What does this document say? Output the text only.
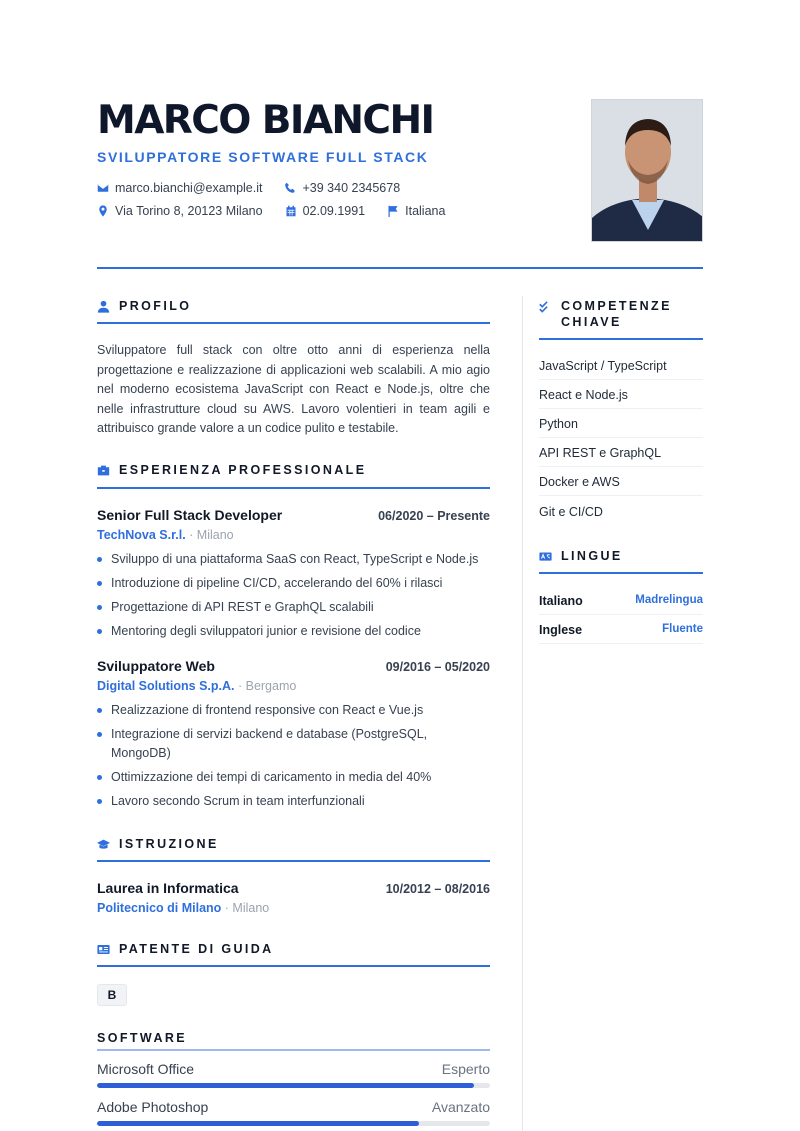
MARCO BIANCHI
SVILUPPATORE SOFTWARE FULL STACK
marco.bianchi@example.it	+39 340 2345678
Via Torino 8, 20123 Milano	02.09.1991	Italiana
PROFILO
Sviluppatore full stack con oltre otto anni di esperienza nella progettazione e realizzazione di applicazioni web scalabili. A mio agio nel moderno ecosistema JavaScript con React e Node.js, oltre che nelle infrastrutture cloud su AWS. Lavoro volentieri in team agili e attribuisco grande valore a un codice pulito e testabile.
ESPERIENZA PROFESSIONALE
Senior Full Stack Developer	06/2020 – Presente
TechNova S.r.l. · Milano
Sviluppo di una piattaforma SaaS con React, TypeScript e Node.js
Introduzione di pipeline CI/CD, accelerando del 60% i rilasci
Progettazione di API REST e GraphQL scalabili
Mentoring degli sviluppatori junior e revisione del codice
Sviluppatore Web	09/2016 – 05/2020
Digital Solutions S.p.A. · Bergamo
Realizzazione di frontend responsive con React e Vue.js
Integrazione di servizi backend e database (PostgreSQL, MongoDB)
Ottimizzazione dei tempi di caricamento in media del 40%
Lavoro secondo Scrum in team interfunzionali
ISTRUZIONE
Laurea in Informatica	10/2012 – 08/2016
Politecnico di Milano · Milano
PATENTE DI GUIDA
B
SOFTWARE
Microsoft Office	Esperto
Adobe Photoshop	Avanzato
COMPETENZE
CHIAVE
JavaScript / TypeScript
React e Node.js
Python
API REST e GraphQL
Docker e AWS
Git e CI/CD
LINGUE
Italiano	Madrelingua
Inglese	Fluente
